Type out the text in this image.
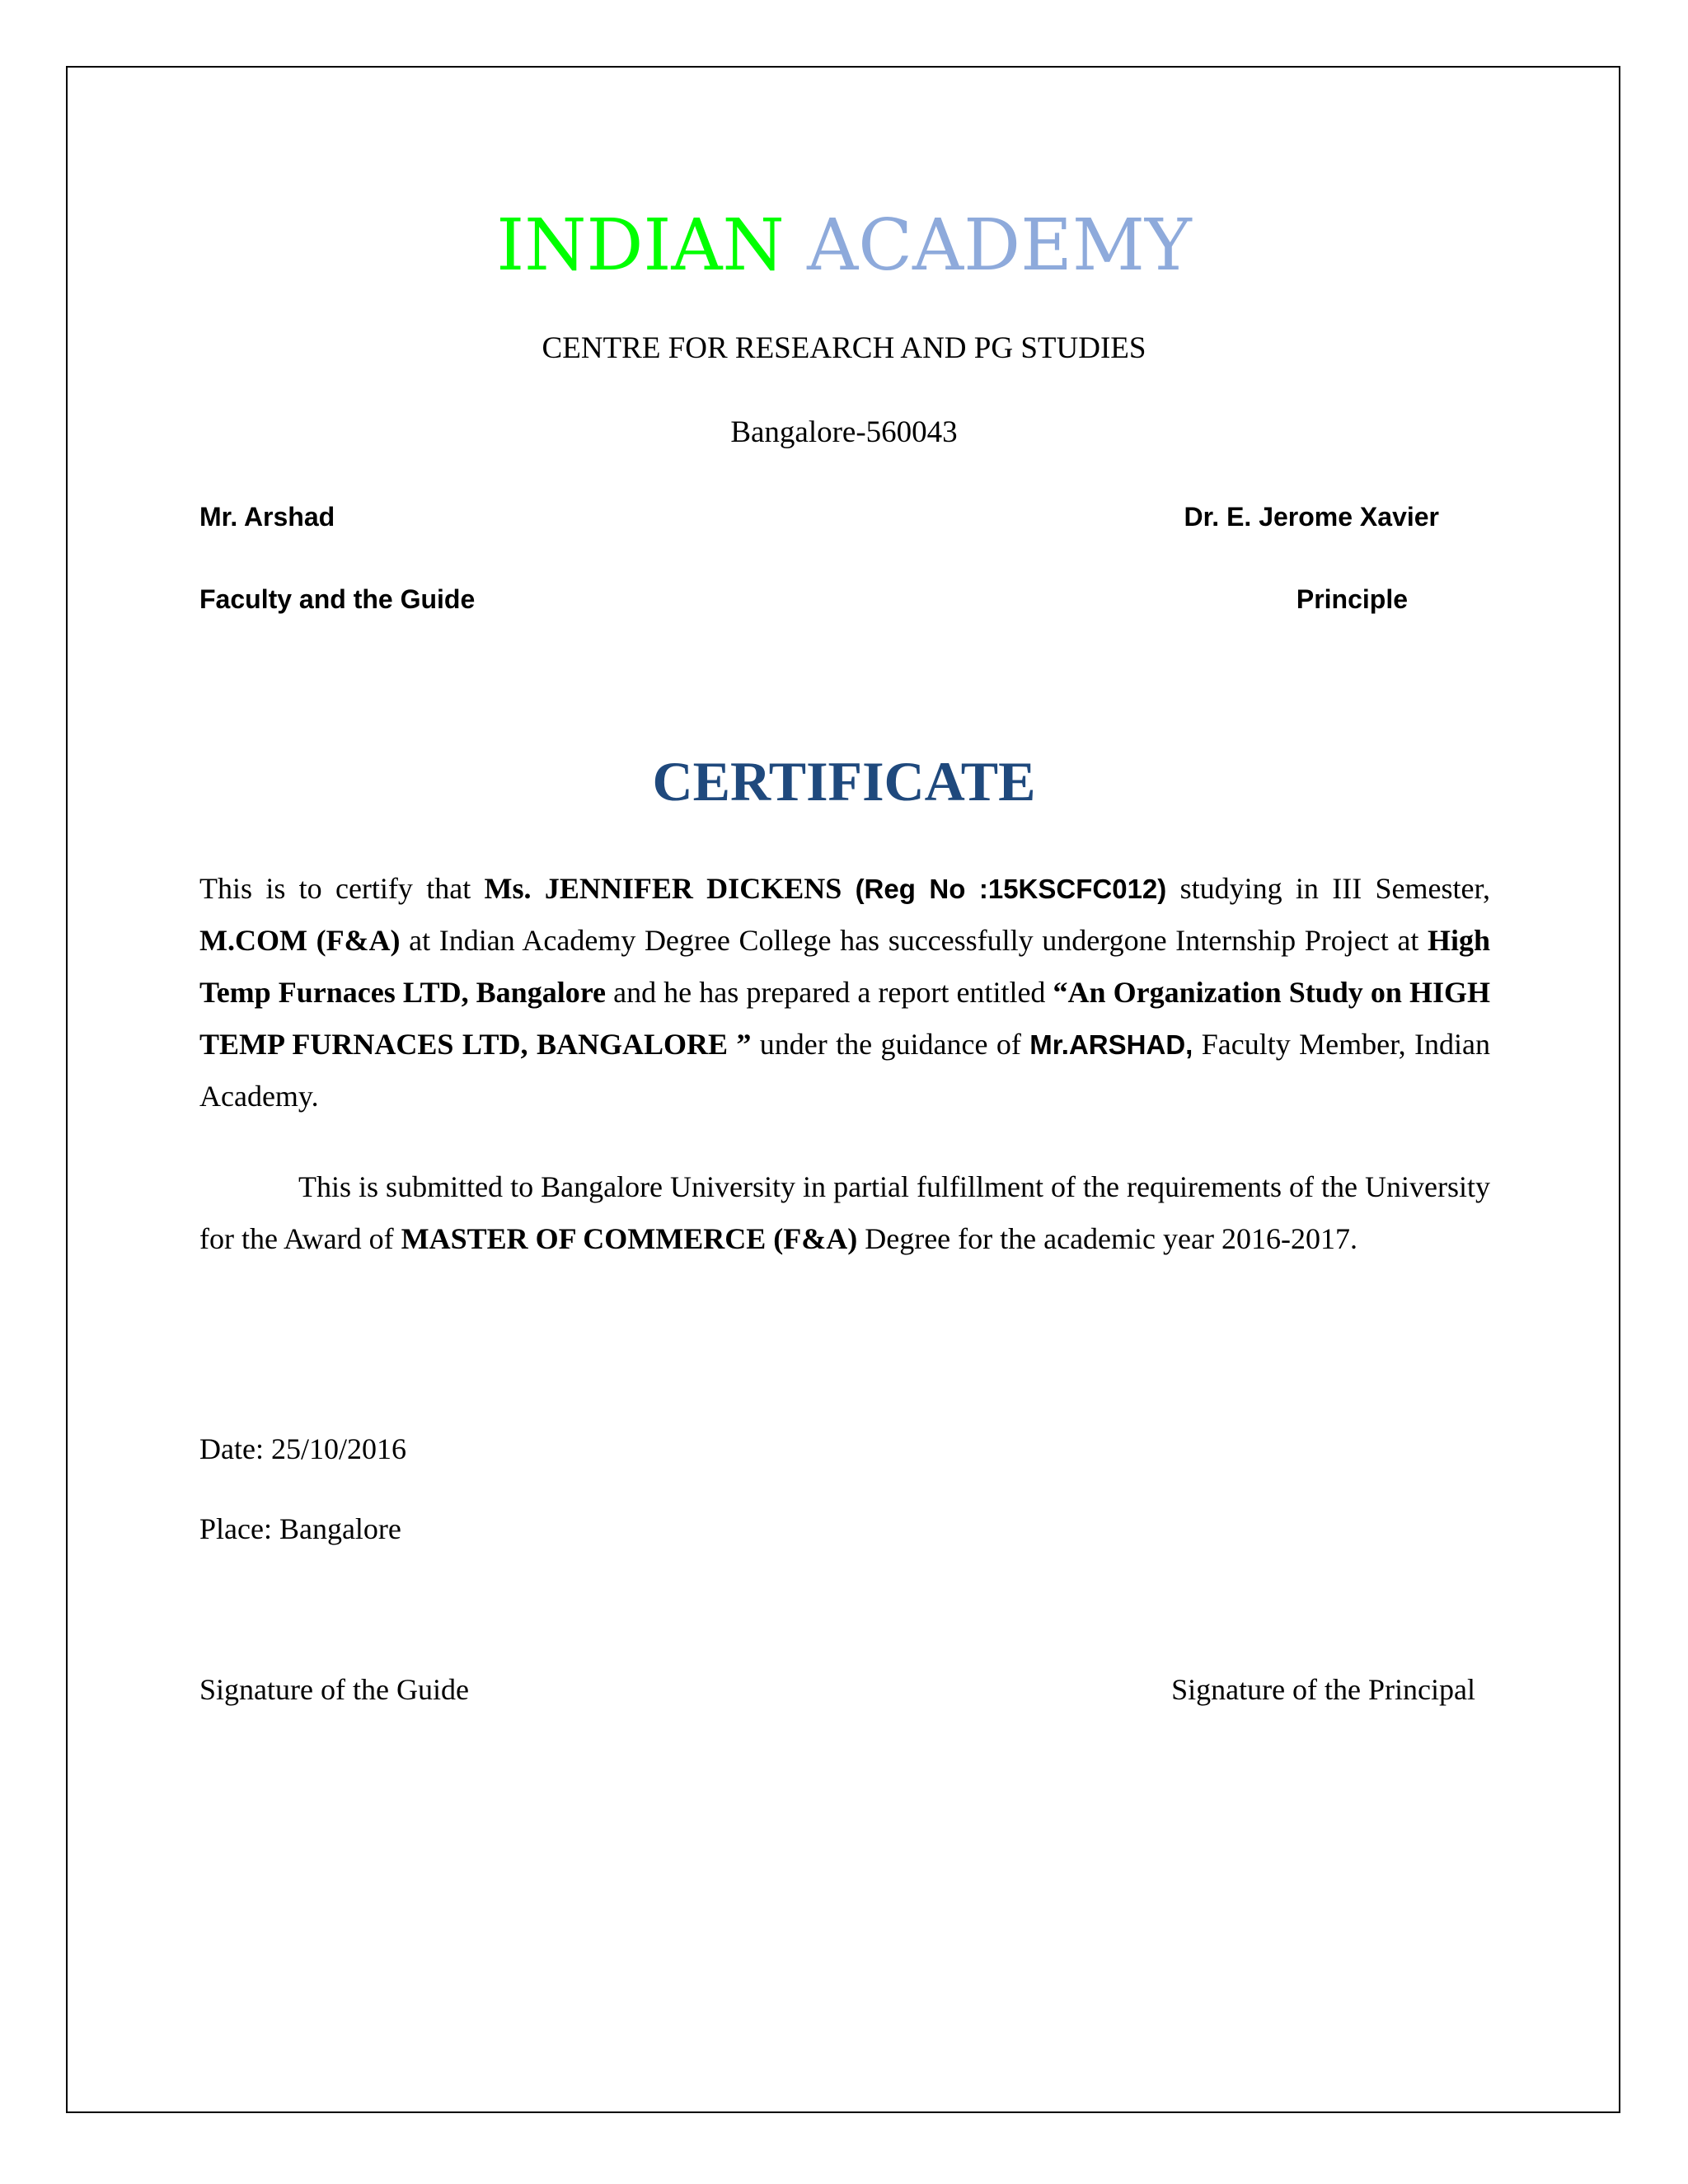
INDIAN ACADEMY
CENTRE FOR RESEARCH AND PG STUDIES
Bangalore-560043
Mr. Arshad
Faculty and the Guide
Dr. E. Jerome Xavier
Principle
CERTIFICATE
This is to certify that Ms. JENNIFER DICKENS (Reg No :15KSCFC012) studying in III Semester, M.COM (F&A) at Indian Academy Degree College has successfully undergone Internship Project at High Temp Furnaces LTD, Bangalore and he has prepared a report entitled “An Organization Study on HIGH TEMP FURNACES LTD, BANGALORE ” under the guidance of Mr.ARSHAD, Faculty Member, Indian Academy.
This is submitted to Bangalore University in partial fulfillment of the requirements of the University for the Award of MASTER OF COMMERCE (F&A) Degree for the academic year 2016-2017.
Date: 25/10/2016
Place: Bangalore
Signature of the Guide	Signature of the Principal
